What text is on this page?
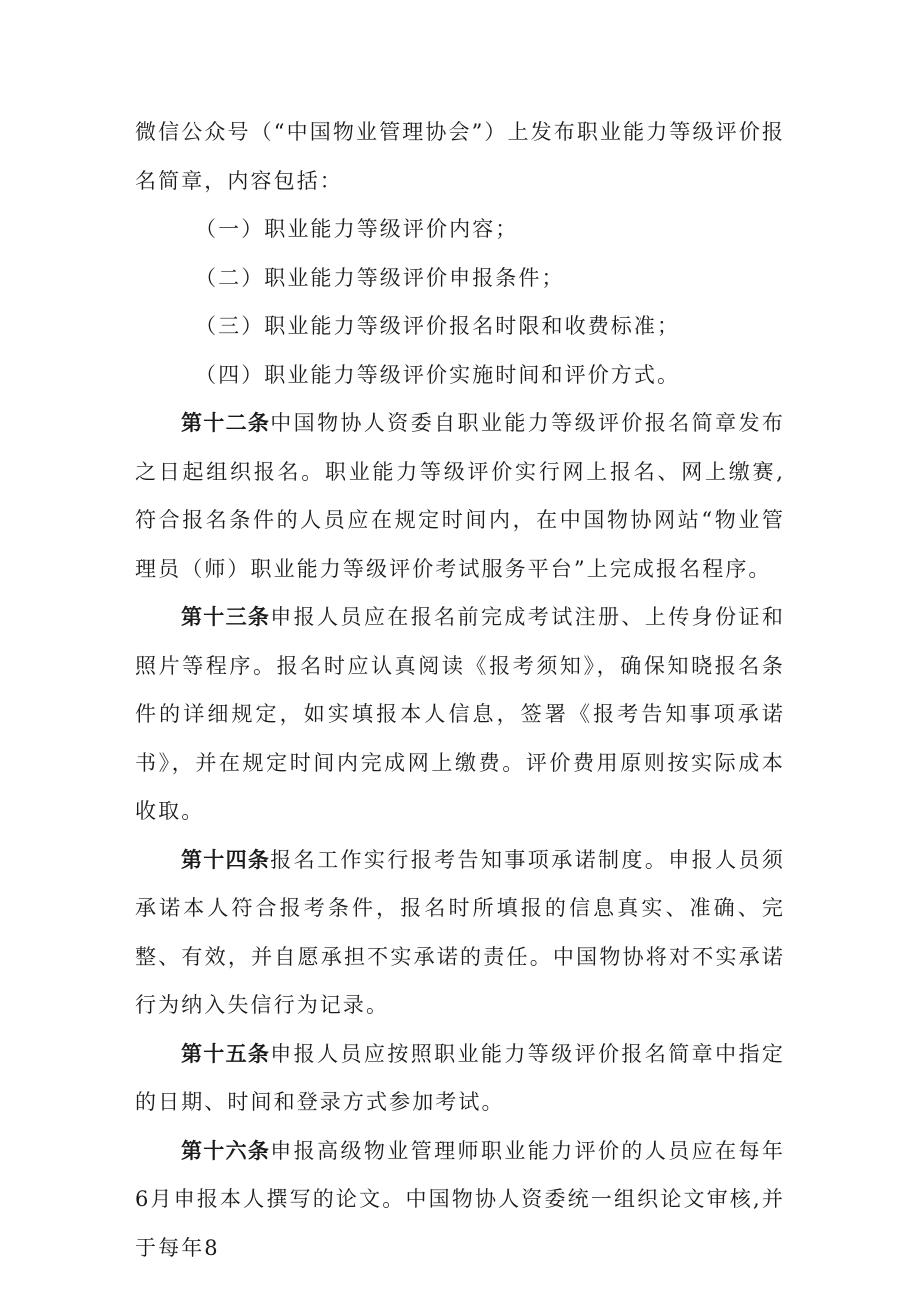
微信公众号（“中国物业管理协会”）上发布职业能力等级评价报名简章，内容包括：

（一）职业能力等级评价内容；

（二）职业能力等级评价申报条件；

（三）职业能力等级评价报名时限和收费标准；

（四）职业能力等级评价实施时间和评价方式。

第十二条中国物协人资委自职业能力等级评价报名简章发布之日起组织报名。职业能力等级评价实行网上报名、网上缴赛,符合报名条件的人员应在规定时间内，在中国物协网站“物业管理员（师）职业能力等级评价考试服务平台”上完成报名程序。

第十三条申报人员应在报名前完成考试注册、上传身份证和照片等程序。报名时应认真阅读《报考须知》，确保知晓报名条件的详细规定，如实填报本人信息，签署《报考告知事项承诺书》，并在规定时间内完成网上缴费。评价费用原则按实际成本收取。

第十四条报名工作实行报考告知事项承诺制度。申报人员须承诺本人符合报考条件，报名时所填报的信息真实、准确、完整、有效，并自愿承担不实承诺的责任。中国物协将对不实承诺行为纳入失信行为记录。

第十五条申报人员应按照职业能力等级评价报名简章中指定的日期、时间和登录方式参加考试。

第十六条申报高级物业管理师职业能力评价的人员应在每年6月申报本人撰写的论文。中国物协人资委统一组织论文审核,并于每年8
